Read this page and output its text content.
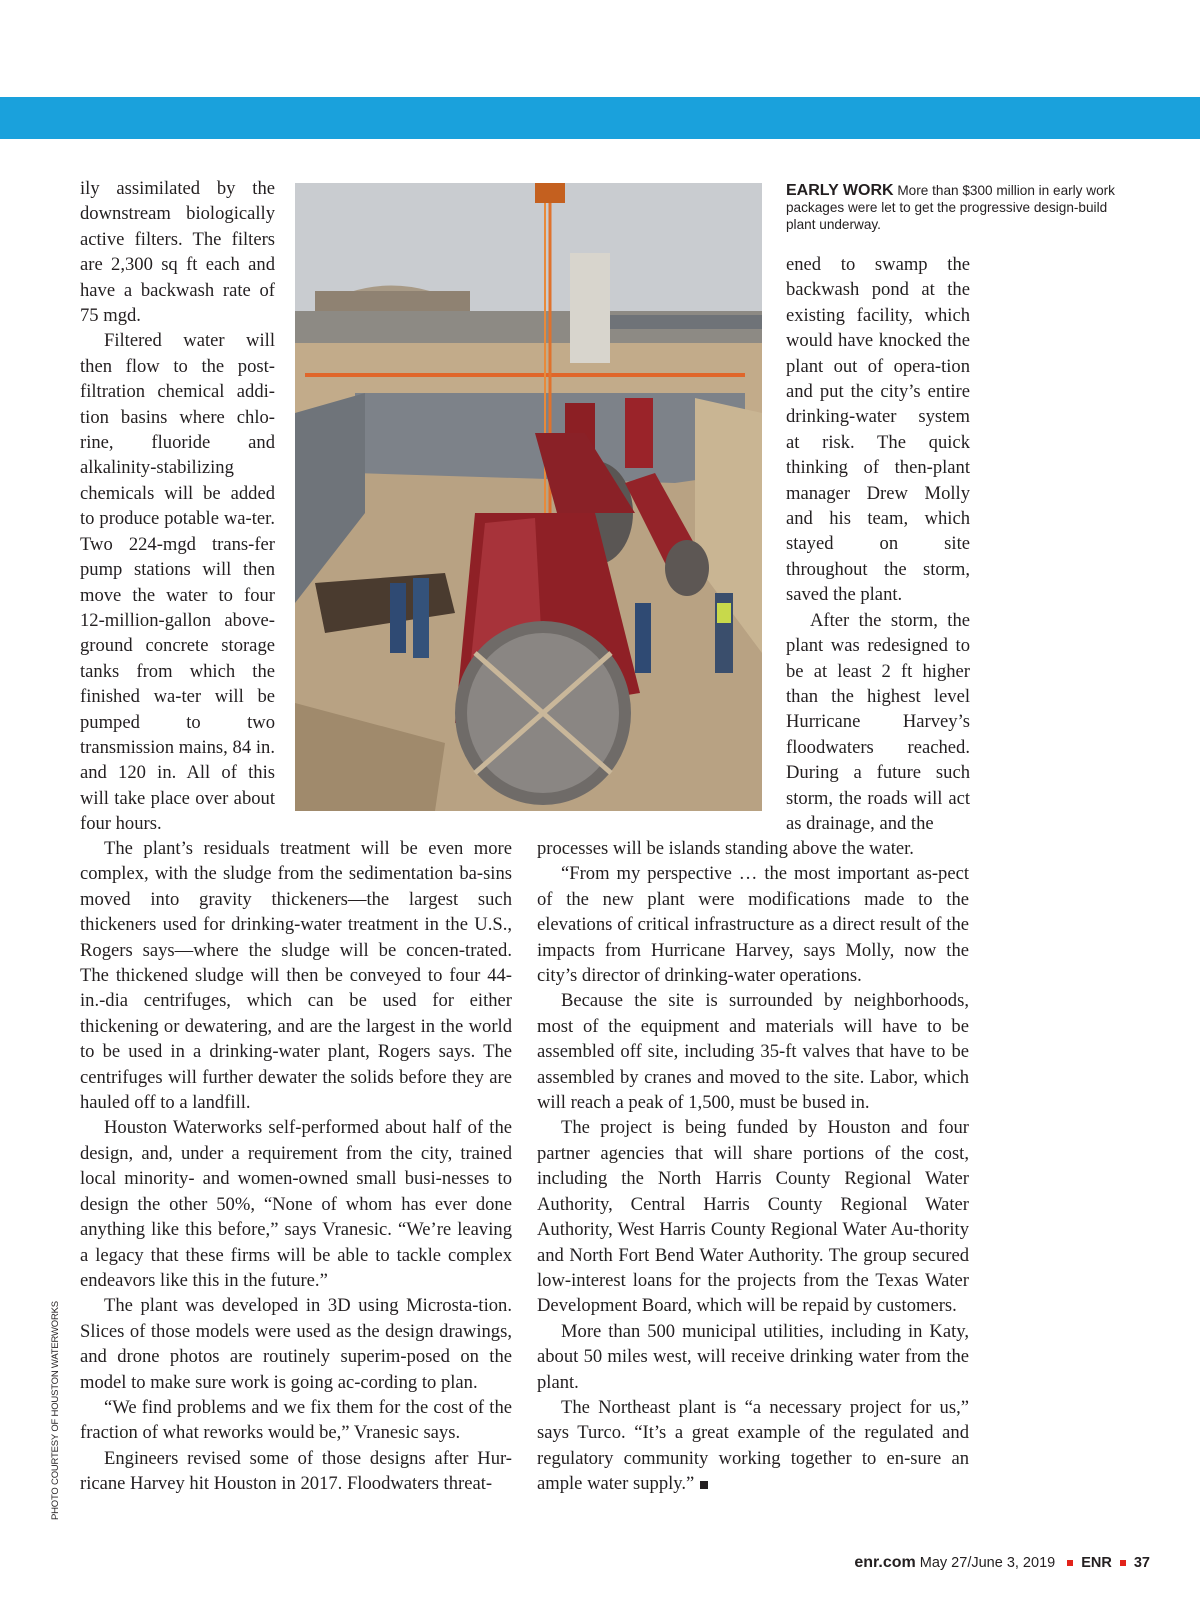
EARLY WORK More than $300 million in early work packages were let to get the progressive design-build plant underway.

ily assimilated by the downstream biologically active filters. The filters are 2,300 sq ft each and have a backwash rate of 75 mgd.

Filtered water will then flow to the post-filtration chemical addi-tion basins where chlo-rine, fluoride and alkalinity-stabilizing chemicals will be added to produce potable wa-ter. Two 224-mgd trans-fer pump stations will then move the water to four 12-million-gallon above-ground concrete storage tanks from which the finished wa-ter will be pumped to two transmission mains, 84 in. and 120 in. All of this will take place over about four hours.

ened to swamp the backwash pond at the existing facility, which would have knocked the plant out of opera-tion and put the city’s entire drinking-water system at risk. The quick thinking of then-plant manager Drew Molly and his team, which stayed on site throughout the storm, saved the plant.

After the storm, the plant was redesigned to be at least 2 ft higher than the highest level Hurricane Harvey’s floodwaters reached. During a future such storm, the roads will act as drainage, and the

The plant’s residuals treatment will be even more complex, with the sludge from the sedimentation ba-sins moved into gravity thickeners—the largest such thickeners used for drinking-water treatment in the U.S., Rogers says—where the sludge will be concen-trated. The thickened sludge will then be conveyed to four 44-in.-dia centrifuges, which can be used for either thickening or dewatering, and are the largest in the world to be used in a drinking-water plant, Rogers says. The centrifuges will further dewater the solids before they are hauled off to a landfill.

Houston Waterworks self-performed about half of the design, and, under a requirement from the city, trained local minority- and women-owned small busi-nesses to design the other 50%, “None of whom has ever done anything like this before,” says Vranesic. “We’re leaving a legacy that these firms will be able to tackle complex endeavors like this in the future.”

The plant was developed in 3D using Microsta-tion. Slices of those models were used as the design drawings, and drone photos are routinely superim-posed on the model to make sure work is going ac-cording to plan.

“We find problems and we fix them for the cost of the fraction of what reworks would be,” Vranesic says.

Engineers revised some of those designs after Hur-ricane Harvey hit Houston in 2017. Floodwaters threat-

processes will be islands standing above the water.

“From my perspective … the most important as-pect of the new plant were modifications made to the elevations of critical infrastructure as a direct result of the impacts from Hurricane Harvey, says Molly, now the city’s director of drinking-water operations.

Because the site is surrounded by neighborhoods, most of the equipment and materials will have to be assembled off site, including 35-ft valves that have to be assembled by cranes and moved to the site. Labor, which will reach a peak of 1,500, must be bused in.

The project is being funded by Houston and four partner agencies that will share portions of the cost, including the North Harris County Regional Water Authority, Central Harris County Regional Water Authority, West Harris County Regional Water Au-thority and North Fort Bend Water Authority. The group secured low-interest loans for the projects from the Texas Water Development Board, which will be repaid by customers.

More than 500 municipal utilities, including in Katy, about 50 miles west, will receive drinking water from the plant.

The Northeast plant is “a necessary project for us,” says Turco. “It’s a great example of the regulated and regulatory community working together to en-sure an ample water supply.”

PHOTO COURTESY OF HOUSTON WATERWORKS
enr.com May 27/June 3, 2019 ENR 37
